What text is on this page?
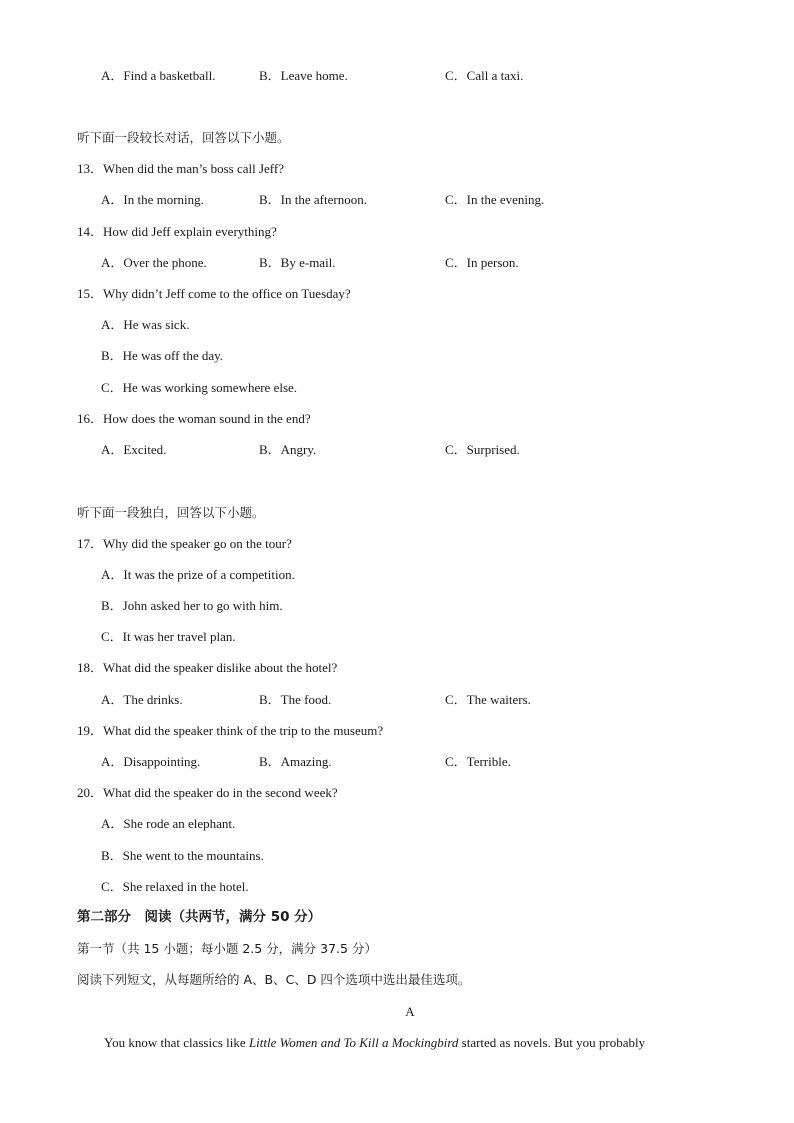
A．Find a basketball.	B．Leave home.	C．Call a taxi.
听下面一段较长对话，回答以下小题。
13．When did the man’s boss call Jeff?
A．In the morning.	B．In the afternoon.	C．In the evening.
14．How did Jeff explain everything?
A．Over the phone.	B．By e-mail.	C．In person.
15．Why didn’t Jeff come to the office on Tuesday?
A．He was sick.
B．He was off the day.
C．He was working somewhere else.
16．How does the woman sound in the end?
A．Excited.	B．Angry.	C．Surprised.
听下面一段独白，回答以下小题。
17．Why did the speaker go on the tour?
A．It was the prize of a competition.
B．John asked her to go with him.
C．It was her travel plan.
18．What did the speaker dislike about the hotel?
A．The drinks.	B．The food.	C．The waiters.
19．What did the speaker think of the trip to the museum?
A．Disappointing.	B．Amazing.	C．Terrible.
20．What did the speaker do in the second week?
A．She rode an elephant.
B．She went to the mountains.
C．She relaxed in the hotel.
第二部分　阅读（共两节，满分 50 分）
第一节（共 15 小题；每小题 2.5 分，满分 37.5 分）
阅读下列短文，从每题所给的 A、B、C、D 四个选项中选出最佳选项。
A
You know that classics like Little Women and To Kill a Mockingbird started as novels. But you probably
